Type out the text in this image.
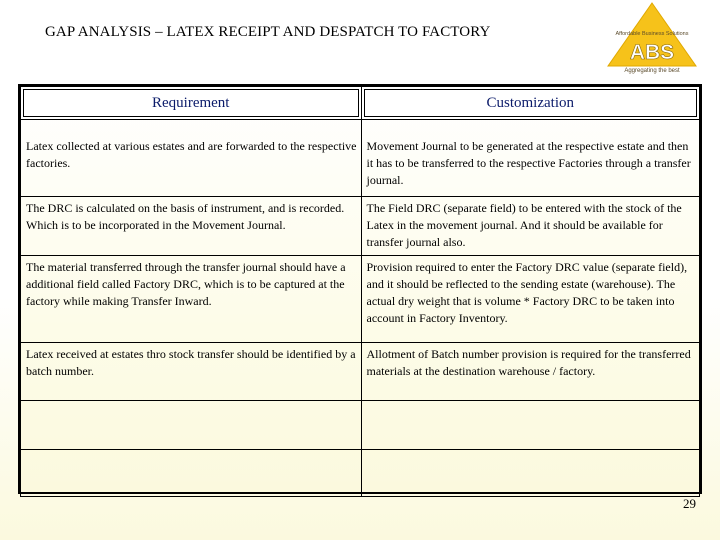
GAP ANALYSIS – LATEX RECEIPT AND DESPATCH TO FACTORY	Affordable Business Solutions
ABS
Aggregating the best
Requirement	Customization

Latex collected at various estates and are forwarded to the respective factories.	Movement Journal to be generated at the respective estate and then it has to be transferred to the respective Factories through a transfer journal.
The DRC is calculated on the basis of instrument, and is recorded. Which is to be incorporated in the Movement Journal.	The Field DRC (separate field) to be entered with the stock of the Latex in the movement journal. And it should be available for transfer journal also.
The material transferred through the transfer journal should have a additional field called Factory DRC, which is to be captured at the factory while making Transfer Inward.	Provision required to enter the Factory DRC value (separate field), and it should be reflected to the sending estate (warehouse). The actual dry weight that is volume * Factory DRC to be taken into account in Factory Inventory.
Latex received at estates thro stock transfer should be identified by a batch number.	Allotment of Batch number provision is required for the transferred materials at the destination warehouse / factory.

29
